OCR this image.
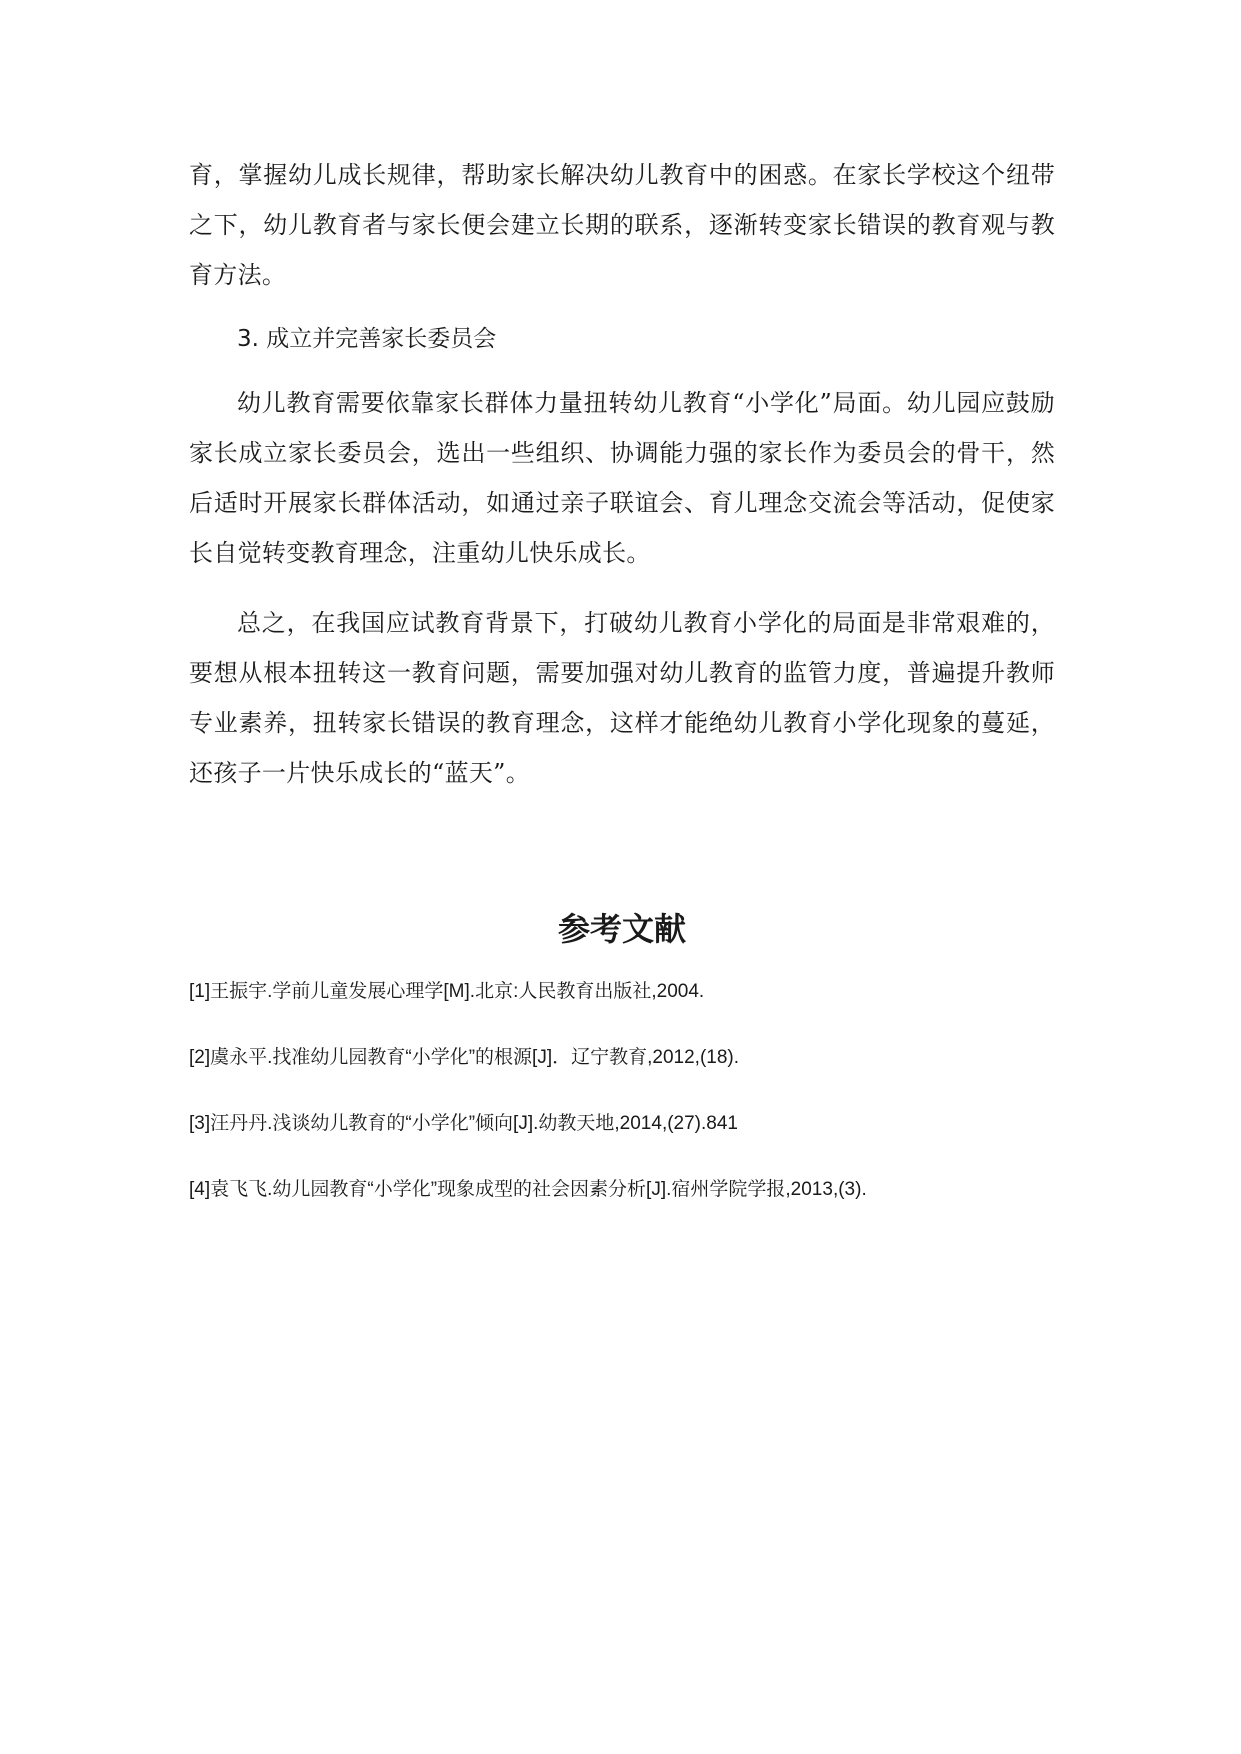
育，掌握幼儿成长规律，帮助家长解决幼儿教育中的困惑。在家长学校这个纽带之下，幼儿教育者与家长便会建立长期的联系，逐渐转变家长错误的教育观与教育方法。

3. 成立并完善家长委员会

幼儿教育需要依靠家长群体力量扭转幼儿教育“小学化”局面。幼儿园应鼓励家长成立家长委员会，选出一些组织、协调能力强的家长作为委员会的骨干，然后适时开展家长群体活动，如通过亲子联谊会、育儿理念交流会等活动，促使家长自觉转变教育理念，注重幼儿快乐成长。

总之，在我国应试教育背景下，打破幼儿教育小学化的局面是非常艰难的，要想从根本扭转这一教育问题，需要加强对幼儿教育的监管力度，普遍提升教师专业素养，扭转家长错误的教育理念，这样才能绝幼儿教育小学化现象的蔓延，还孩子一片快乐成长的“蓝天”。

参考文献

[1]王振宇.学前儿童发展心理学[M].北京:人民教育出版社,2004.

[2]虞永平.找准幼儿园教育“小学化”的根源[J]．辽宁教育,2012,(18).

[3]汪丹丹.浅谈幼儿教育的“小学化”倾向[J].幼教天地,2014,(27).841

[4]袁飞飞.幼儿园教育“小学化”现象成型的社会因素分析[J].宿州学院学报,2013,(3).
